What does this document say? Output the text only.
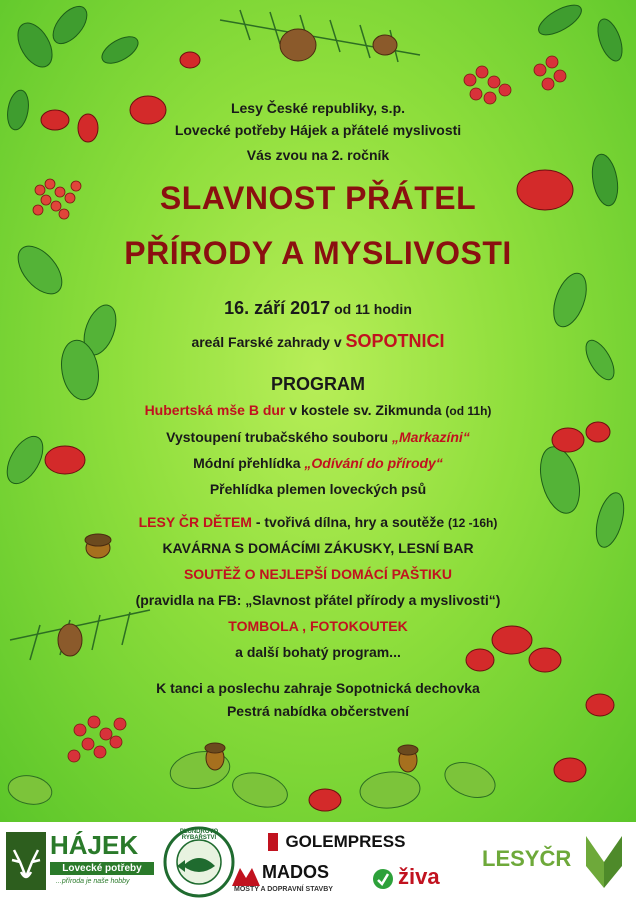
Lesy České republiky, s.p.
Lovecké potřeby Hájek a přátelé myslivosti
Vás zvou na 2. ročník
SLAVNOST PŘÁTEL
PŘÍRODY A MYSLIVOSTI
16. září 2017 od 11 hodin
areál Farské zahrady v SOPOTNICI
PROGRAM
Hubertská mše B dur v kostele sv. Zikmunda (od 11h)
Vystoupení trubačského souboru „Markazíni“
Módní přehlídka „Odívání do přírody“
Přehlídka plemen loveckých psů
LESY ČR DĚTEM - tvořivá dílna, hry a soutěže (12 -16h)
KAVÁRNA S DOMÁCÍMI ZÁKUSKY, LESNÍ BAR
SOUTĚŽ O NEJLEPŠÍ DOMÁCÍ PAŠTIKU
(pravidla na FB: „Slavnost přátel přírody a myslivosti“)
TOMBOLA , FOTOKOUTEK
a další bohatý program...
K tanci a poslechu zahraje Sopotnická dechovka
Pestrá nabídka občerstvení
HÁJEK
Lovecké potřeby
...příroda je naše hobby
PLUNDROVO RYBAŘSTVÍ	GOLEMPRESS
MADOS
MOSTY A DOPRAVNÍ STAVBY
živa
LESYČR
